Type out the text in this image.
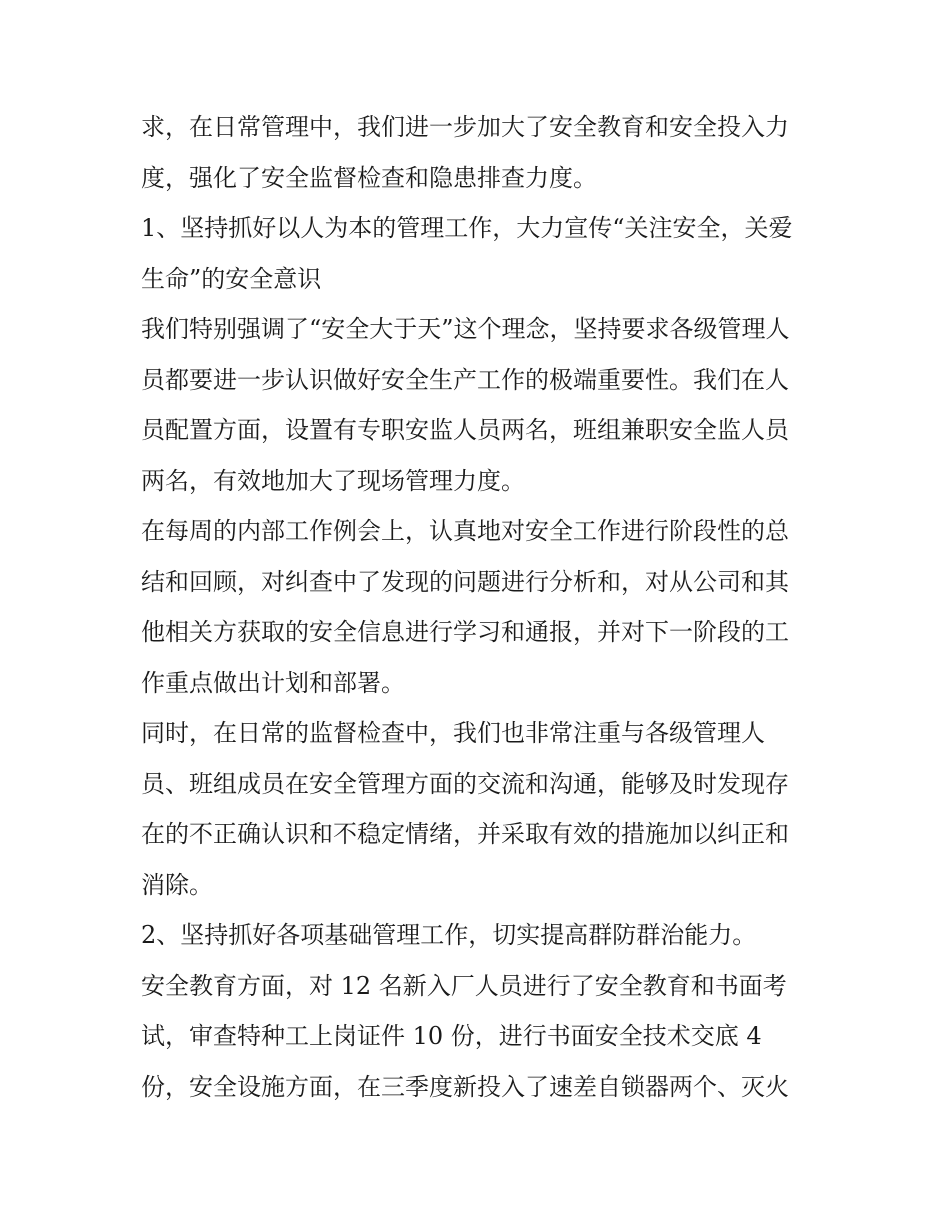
求，在日常管理中，我们进一步加大了安全教育和安全投入力
度，强化了安全监督检查和隐患排查力度。

1、坚持抓好以人为本的管理工作，大力宣传“关注安全，关爱
生命”的安全意识

我们特别强调了“安全大于天”这个理念，坚持要求各级管理人
员都要进一步认识做好安全生产工作的极端重要性。我们在人
员配置方面，设置有专职安监人员两名，班组兼职安全监人员
两名，有效地加大了现场管理力度。

在每周的内部工作例会上，认真地对安全工作进行阶段性的总
结和回顾，对纠查中了发现的问题进行分析和，对从公司和其
他相关方获取的安全信息进行学习和通报，并对下一阶段的工
作重点做出计划和部署。

同时，在日常的监督检查中，我们也非常注重与各级管理人
员、班组成员在安全管理方面的交流和沟通，能够及时发现存
在的不正确认识和不稳定情绪，并采取有效的措施加以纠正和
消除。

2、坚持抓好各项基础管理工作，切实提高群防群治能力。

安全教育方面，对 12 名新入厂人员进行了安全教育和书面考
试，审查特种工上岗证件 10 份，进行书面安全技术交底 4
份，安全设施方面，在三季度新投入了速差自锁器两个、灭火
